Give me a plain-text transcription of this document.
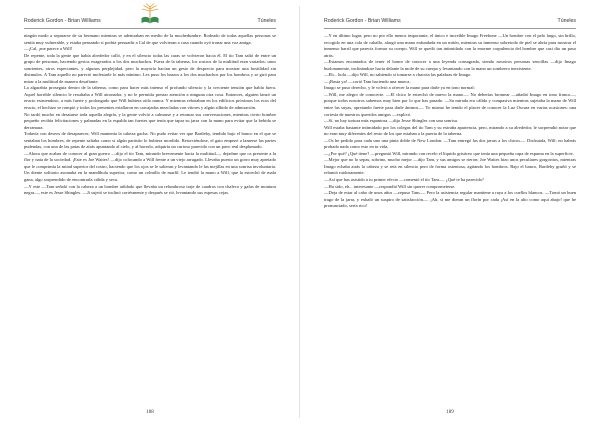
Roderick Gordon - Brian Williams	Túneles

ningún modo a separarse de su hermano mientras se adentraban en medio de la muchedumbre. Rodeado de todas aquellas personas se sentía muy vulnerable, y estaba pensando si podría persuadir a Cal de que volvieran a casa cuando oyó tronar una voz amiga.

—¡Cal, ¡me parece a Will!

De repente, toda la gente que había alrededor calló, y en el silencio todas las caras se volvieron hacia él. El tío Tam salió de entre un grupo de personas, haciendo gestos exagerados a los dos muchachos. Fuera de la taberna, los rostros de la multitud eran variados: unos sonrientes, otros expectantes, y algunos perplejidad, pero la mayoría hacían un gesto de desprecio para mostrar una hostilidad sin disimulos. A Tam aquello no pareció molestarle lo más mínimo. Les puso los brazos a los dos muchachos por los hombros y se giró para mirar a la multitud de manera desafiante.

La algarabía proseguía dentro de la taberna, como para hacer más intenso el profundo silencio y la creciente tensión que había fuera. Aquel horrible silencio le resultaba a Will atronador, y no le permitía prestar atención a ninguna otra cosa. Entonces, alguien lanzó un eructo estruendoso, a más fuerte y prolongado que Will hubiera oído nunca. Y mientras rebotaban en los edificios próximos los ecos del eructo, el hechizo se rompió y todos los presentes estallaron en carcajadas mezcladas con vítores y algún silbido de admiración.

No tardó mucho en desatarse toda aquella alegría, y la gente volvió a calmarse y a retomar sus conversaciones, mientras cierto hombre pequeño recibía felicitaciones y palmadas en la espalda tan fuertes que tenía que tapar su jarra con la mano para evitar que la bebida se derramara.

Todavía con deseos de desaparecer, Will mantenía la cabeza gacha. No pudo evitar ver que Bartleby, tendido bajo el banco en el que se sentaban los hombres, de repente saltaba como si algún parásito lo hubiera mordido. Retorciéndose, el gato empezó a lamerse las partes pudendas, con una de las patas de atrás apuntando al cielo, y al hacerlo, adquiría un curioso parecido con un pavo real desplumado.

—Ahora que acabas de conocer al gran guerro —dijo el tío Tam, mirando brevemente hacia la multitud—, dejadme que os presente a la flor y nata de la sociedad. ¡Este es Joe Waites! —dijo colocando a Will frente a un viejo arrugado. Llevaba puesto un gorro muy apretado que le comprimía la mitad superior del rostro, haciendo que los ojos se le salieran y levantando le las mejillas en una sonrisa involuntaria. Un diente solitario asomaba en la mandíbula superior, como un colmillo de marfil. Le tendió la mano a Will, que la estrechó de mala gana, algo sorprendido de encontrarla cálida y seca.

—Y este —Tam señaló con la cabeza a un hombre atildado que llevaba un relumbroso traje de cuadros con chaleco y gafas de montura negra—, este es Jesse Shingles. —Ji sujetó se inclinó cortésmente y después se rió, levantando sus espesas cejas.

188
Roderick Gordon - Brian Williams	Túneles

—Y en último lugar, pero no por ello menos importante, el único e increíble Imago Freebone —Un hombre con el pelo largo, sin brillo, recogido en una cola de caballo, alargó una mano enfundada en un mitón, mientras su inmenso sobretodo de piel se abría para mostrar el inmenso barril que parecía formar su cuerpo. Will se quedó tan intimidado con la enorme corpulencia del hombre que casi dio un paso atrás.

—Estamos encantados de tener el honor de conocer a una leyenda consagrada, siendo nosotros personas sencillas —dijo Imago burlonamente, inclinándose hacia delante la mole de su cuerpo y levantando con la mano un sombrero inexistente.

—Eh... hola —dijo Will, no sabiendo si tomarse a chacota las palabras de Imago.

—¡Basta ya! —cortó Tam haciendo una mueca.

Imago se puso derecho, y le volvió a ofrecer la mano para darle ya en tono normal:

—Will, me alegro de conocerte. —El chico le estrechó de nuevo la mano—. No deberías bromear —añadió Imago en tono franco—, porque todos nosotros sabemos muy bien por lo que has pasado. —Su mirada era cálida y compasiva mientras sujetaba la mano de Will entre las suyas, apretando fuerte para darle ánimos—. Yo mismo he tenido el placer de conocer la Luz Oscura en varias ocasiones: una cortesía de nuestros queridos amigos —explicó.

—Sí, no hay tortura más espantosa —dijo Jesse Shingles con una sonrisa.

Will estaba bastante intimidado por los colegas del tío Tam y su extraña apariencia, pero, mirando a su alrededor, le sorprendió notar que no eran muy diferentes del resto de los que estaban a la puerta de la taberna.

—Os he pedido para cada uno una pinta doble de New London. —Tam entregó las dos jarras a los chicos—. Disfrutala, Will: no habrás probado nada como esto en tu vida.

—¿Por qué? ¿Qué tiene? —preguntó Will, mirando con recelo el líquido grisáceo que tenía una pequeña capa de espuma en la superficie.

—Mejor que no lo sepas, sobrino, mucho mejor —dijo Tam, y sus amigos se rieron; Joe Waites hizo unos peculiares gorgoritos, mientras Imago echaba atrás la cabeza y se reía en silencio pero de forma ostentosa, agitando los hombros. Bajo el banco, Bartleby gruñó y se relamió ruidosamente.

—Así que has asistido a tu primer efecto —comentó el tío Tam—. ¿Qué te ha parecido?

—Ha sido, eh... interesante —respondió Will sin querer comprometerse.

—Deja de estar al cabo de unos años —repuso Tam—. Pero la asistencia regular mantiene a raya a los cuellos blancos. —Tomó un buen trago de la jarra, y exhaló un suspiro de satisfacción—. ¡Ah, si me dieran un florín por cada ¡Así en la alto como aquí abajo! que he pronunciado, sería rico!

189
